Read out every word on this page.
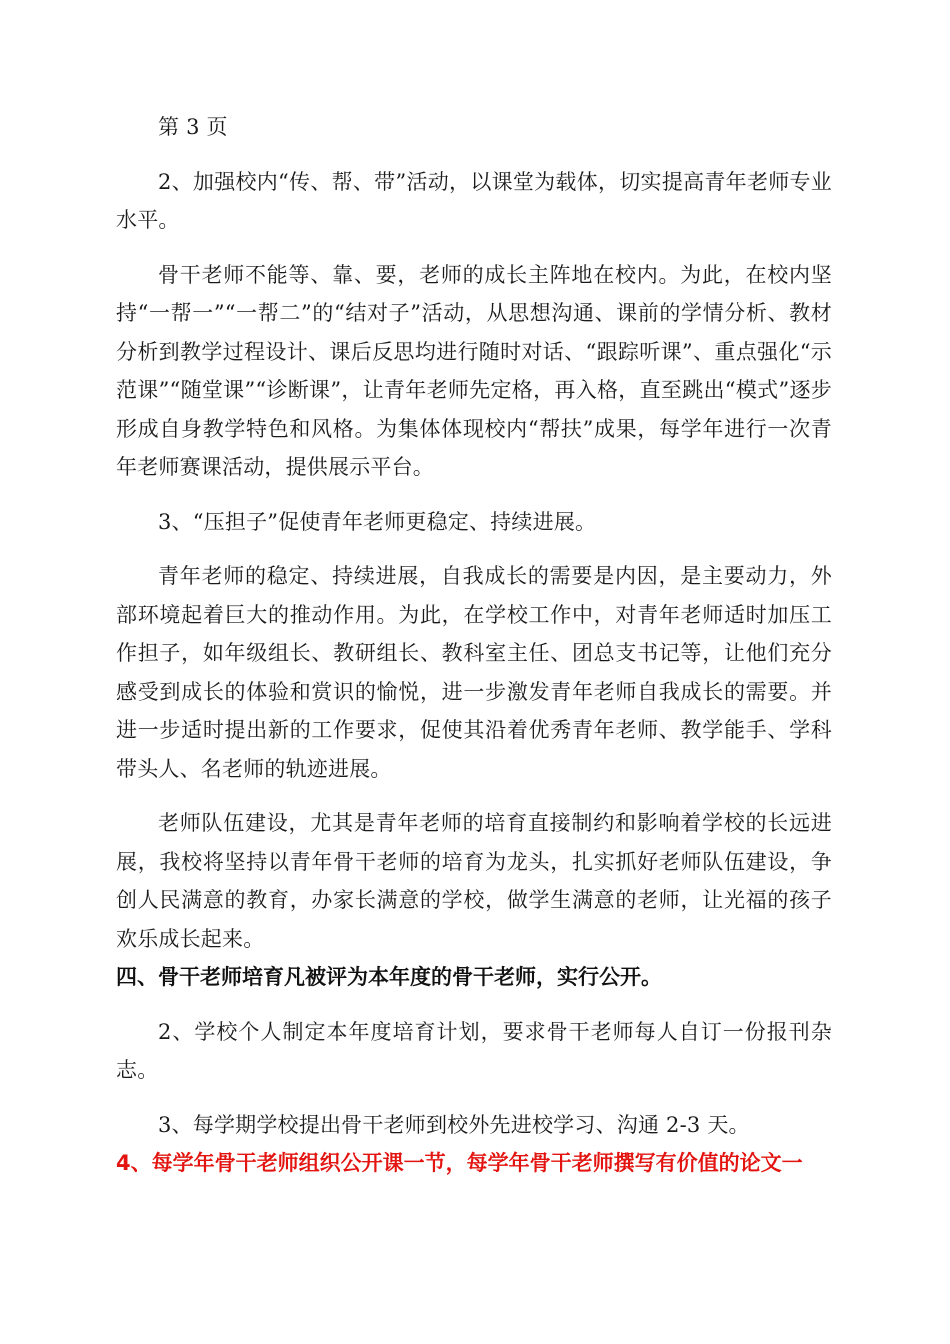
第 3 页

2、加强校内“传、帮、带”活动，以课堂为载体，切实提高青年老师专业水平。

骨干老师不能等、靠、要，老师的成长主阵地在校内。为此，在校内坚持“一帮一”“一帮二”的“结对子”活动，从思想沟通、课前的学情分析、教材分析到教学过程设计、课后反思均进行随时对话、“跟踪听课”、重点强化“示范课”“随堂课”“诊断课”，让青年老师先定格，再入格，直至跳出“模式”逐步形成自身教学特色和风格。为集体体现校内“帮扶”成果，每学年进行一次青年老师赛课活动，提供展示平台。

3、“压担子”促使青年老师更稳定、持续进展。

青年老师的稳定、持续进展，自我成长的需要是内因，是主要动力，外部环境起着巨大的推动作用。为此，在学校工作中，对青年老师适时加压工作担子，如年级组长、教研组长、教科室主任、团总支书记等，让他们充分感受到成长的体验和赏识的愉悦，进一步激发青年老师自我成长的需要。并进一步适时提出新的工作要求，促使其沿着优秀青年老师、教学能手、学科带头人、名老师的轨迹进展。

老师队伍建设，尤其是青年老师的培育直接制约和影响着学校的长远进展，我校将坚持以青年骨干老师的培育为龙头，扎实抓好老师队伍建设，争创人民满意的教育，办家长满意的学校，做学生满意的老师，让光福的孩子欢乐成长起来。

四、骨干老师培育凡被评为本年度的骨干老师，实行公开。

2、学校个人制定本年度培育计划，要求骨干老师每人自订一份报刊杂志。

3、每学期学校提出骨干老师到校外先进校学习、沟通 2-3 天。

4、每学年骨干老师组织公开课一节，每学年骨干老师撰写有价值的论文一
